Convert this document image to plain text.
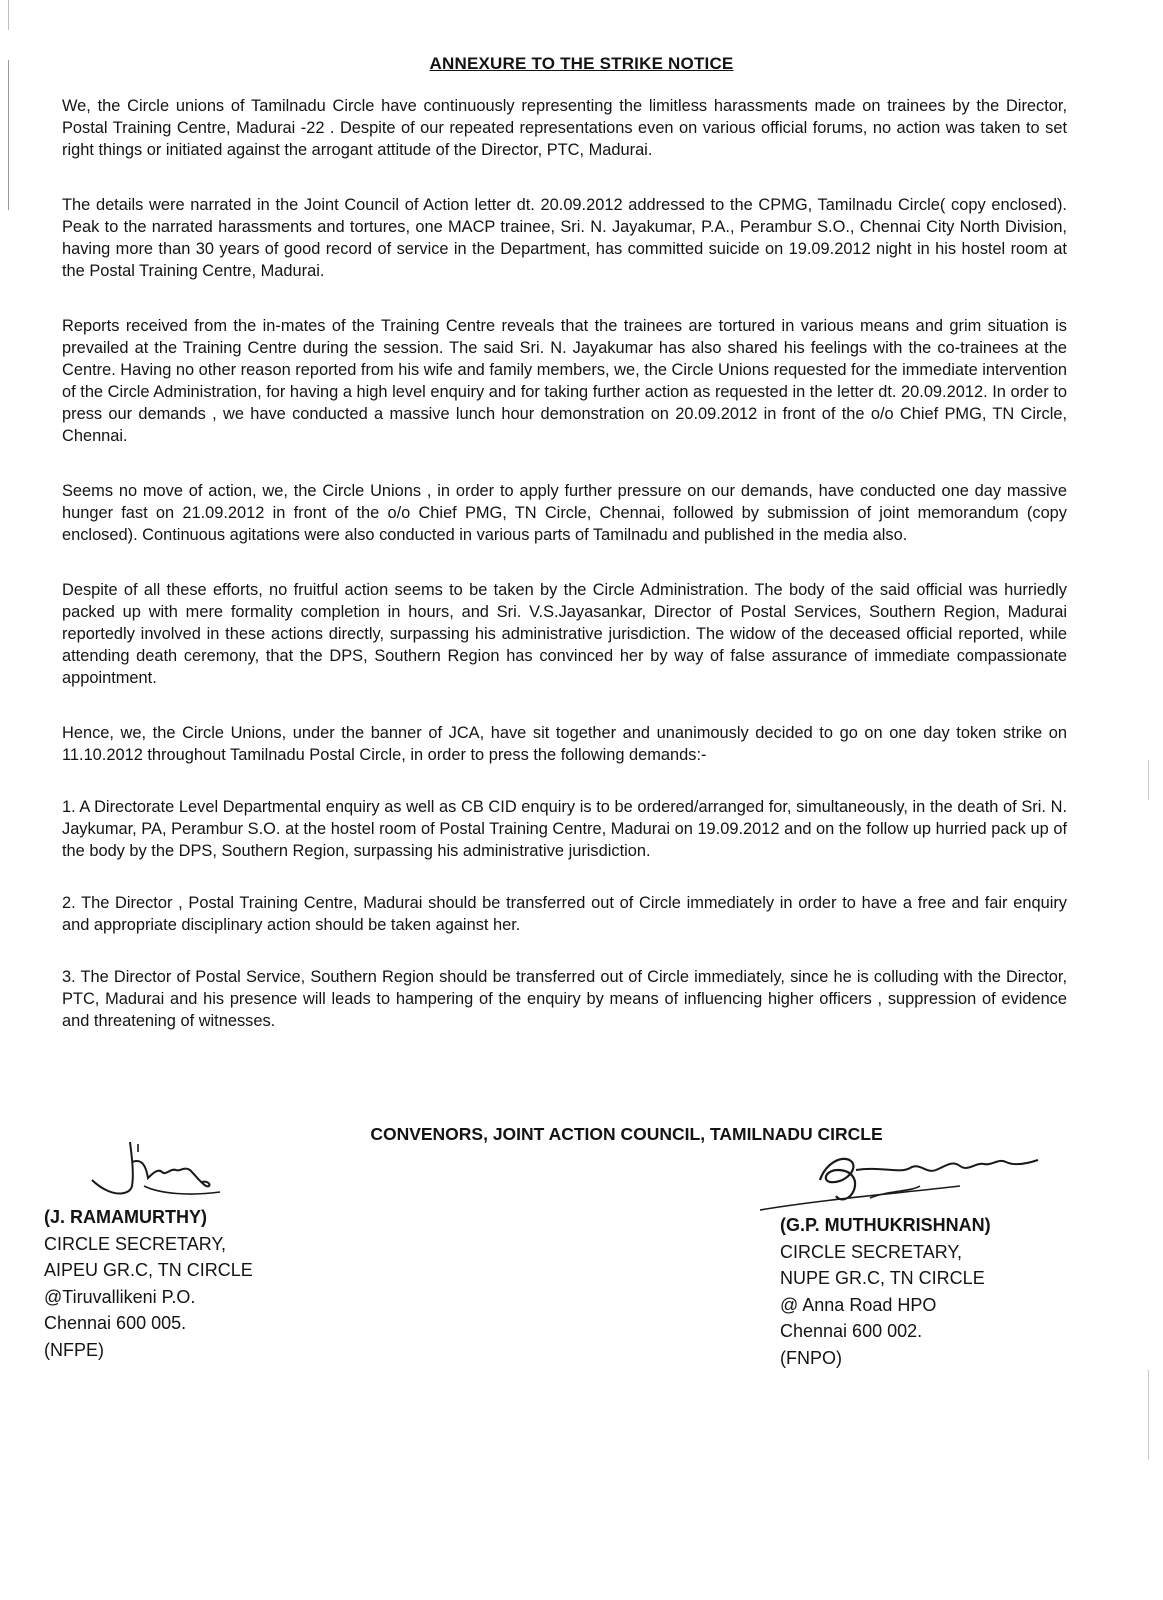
ANNEXURE TO THE STRIKE NOTICE

We, the Circle unions of Tamilnadu Circle have continuously representing the limitless harassments made on trainees by the Director, Postal Training Centre, Madurai -22 . Despite of our repeated representations even on various official forums, no action was taken to set right things or initiated against the arrogant attitude of the Director, PTC, Madurai.

The details were narrated in the Joint Council of Action letter dt. 20.09.2012 addressed to the CPMG, Tamilnadu Circle( copy enclosed). Peak to the narrated harassments and tortures, one MACP trainee, Sri. N. Jayakumar, P.A., Perambur S.O., Chennai City North Division, having more than 30 years of good record of service in the Department, has committed suicide on 19.09.2012 night in his hostel room at the Postal Training Centre, Madurai.

Reports received from the in-mates of the Training Centre reveals that the trainees are tortured in various means and grim situation is prevailed at the Training Centre during the session. The said Sri. N. Jayakumar has also shared his feelings with the co-trainees at the Centre. Having no other reason reported from his wife and family members, we, the Circle Unions requested for the immediate intervention of the Circle Administration, for having a high level enquiry and for taking further action as requested in the letter dt. 20.09.2012. In order to press our demands , we have conducted a massive lunch hour demonstration on 20.09.2012 in front of the o/o Chief PMG, TN Circle, Chennai.

Seems no move of action, we, the Circle Unions , in order to apply further pressure on our demands, have conducted one day massive hunger fast on 21.09.2012 in front of the o/o Chief PMG, TN Circle, Chennai, followed by submission of joint memorandum (copy enclosed). Continuous agitations were also conducted in various parts of Tamilnadu and published in the media also.

Despite of all these efforts, no fruitful action seems to be taken by the Circle Administration. The body of the said official was hurriedly packed up with mere formality completion in hours, and Sri. V.S.Jayasankar, Director of Postal Services, Southern Region, Madurai reportedly involved in these actions directly, surpassing his administrative jurisdiction. The widow of the deceased official reported, while attending death ceremony, that the DPS, Southern Region has convinced her by way of false assurance of immediate compassionate appointment.

Hence, we, the Circle Unions, under the banner of JCA, have sit together and unanimously decided to go on one day token strike on 11.10.2012 throughout Tamilnadu Postal Circle, in order to press the following demands:-

1. A Directorate Level Departmental enquiry as well as CB CID enquiry is to be ordered/arranged for, simultaneously, in the death of Sri. N. Jaykumar, PA, Perambur S.O. at the hostel room of Postal Training Centre, Madurai on 19.09.2012 and on the follow up hurried pack up of the body by the DPS, Southern Region, surpassing his administrative jurisdiction.

2. The Director , Postal Training Centre, Madurai should be transferred out of Circle immediately in order to have a free and fair enquiry and appropriate disciplinary action should be taken against her.

3. The Director of Postal Service, Southern Region should be transferred out of Circle immediately, since he is colluding with the Director, PTC, Madurai and his presence will leads to hampering of the enquiry by means of influencing higher officers , suppression of evidence and threatening of witnesses.

CONVENORS, JOINT ACTION COUNCIL, TAMILNADU CIRCLE
(J. RAMAMURTHY)
CIRCLE SECRETARY,
AIPEU GR.C, TN CIRCLE
@Tiruvallikeni P.O.
Chennai 600 005.
(NFPE)
(G.P. MUTHUKRISHNAN)
CIRCLE SECRETARY,
NUPE GR.C, TN CIRCLE
@ Anna Road HPO
Chennai 600 002.
(FNPO)
